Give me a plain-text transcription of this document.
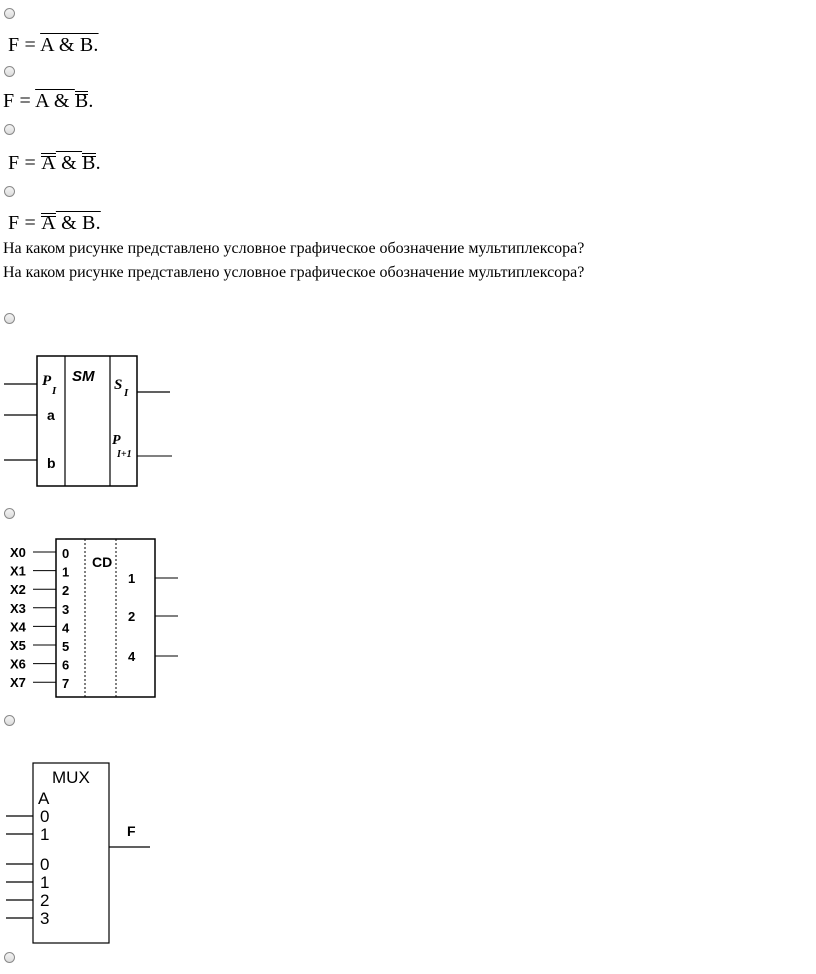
F = A & B.
F = A & B.
F = A & B.
F = A & B.
На каком рисунке представлено условное графическое обозначение мультиплексора?
На каком рисунке представлено условное графическое обозначение мультиплексора?
SM
P
I
a
b
S I
P
I+1
CD
X0	0
X1	1
X2	2
X3	3
X4	4
X5	5
X6	6
X7	7
1
2
4
MUX
A
F
0
1
0
1
2
3
